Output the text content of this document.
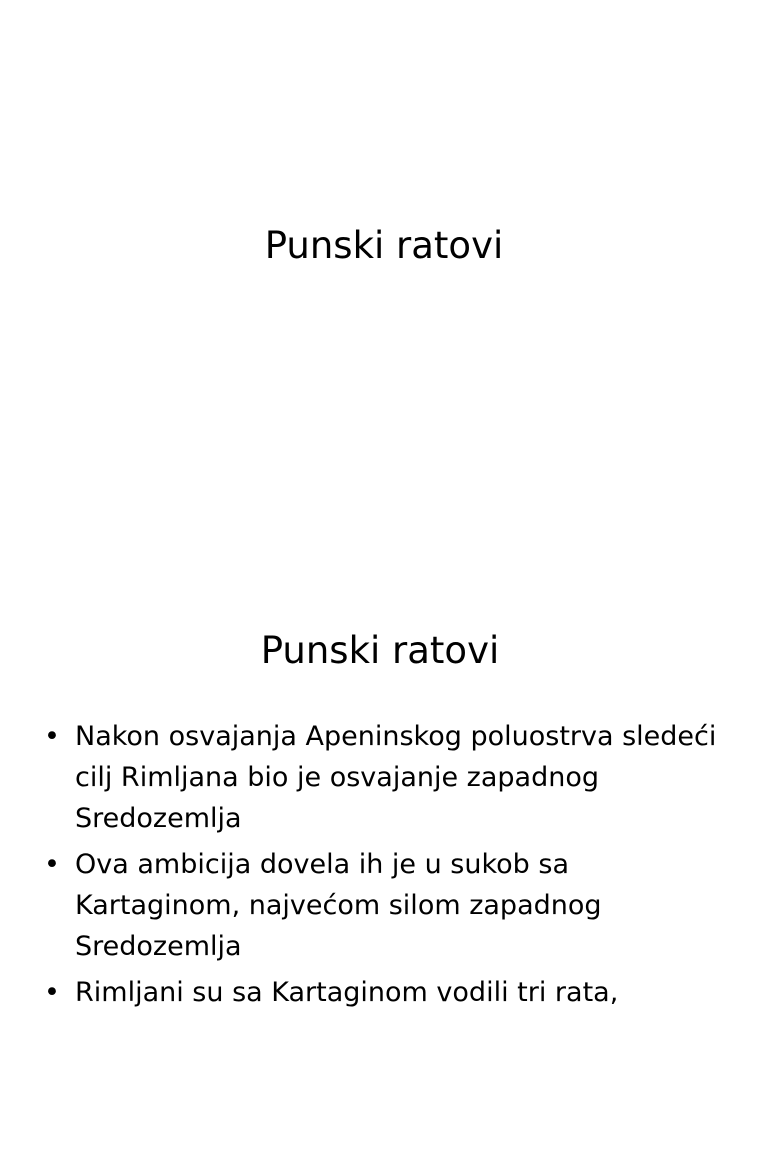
Punski ratovi
Punski ratovi
• Nakon osvajanja Apeninskog poluostrva sledeći cilj Rimljana bio je osvajanje zapadnog Sredozemlja
• Ova ambicija dovela ih je u sukob sa Kartaginom, najvećom silom zapadnog Sredozemlja
• Rimljani su sa Kartaginom vodili tri rata,
